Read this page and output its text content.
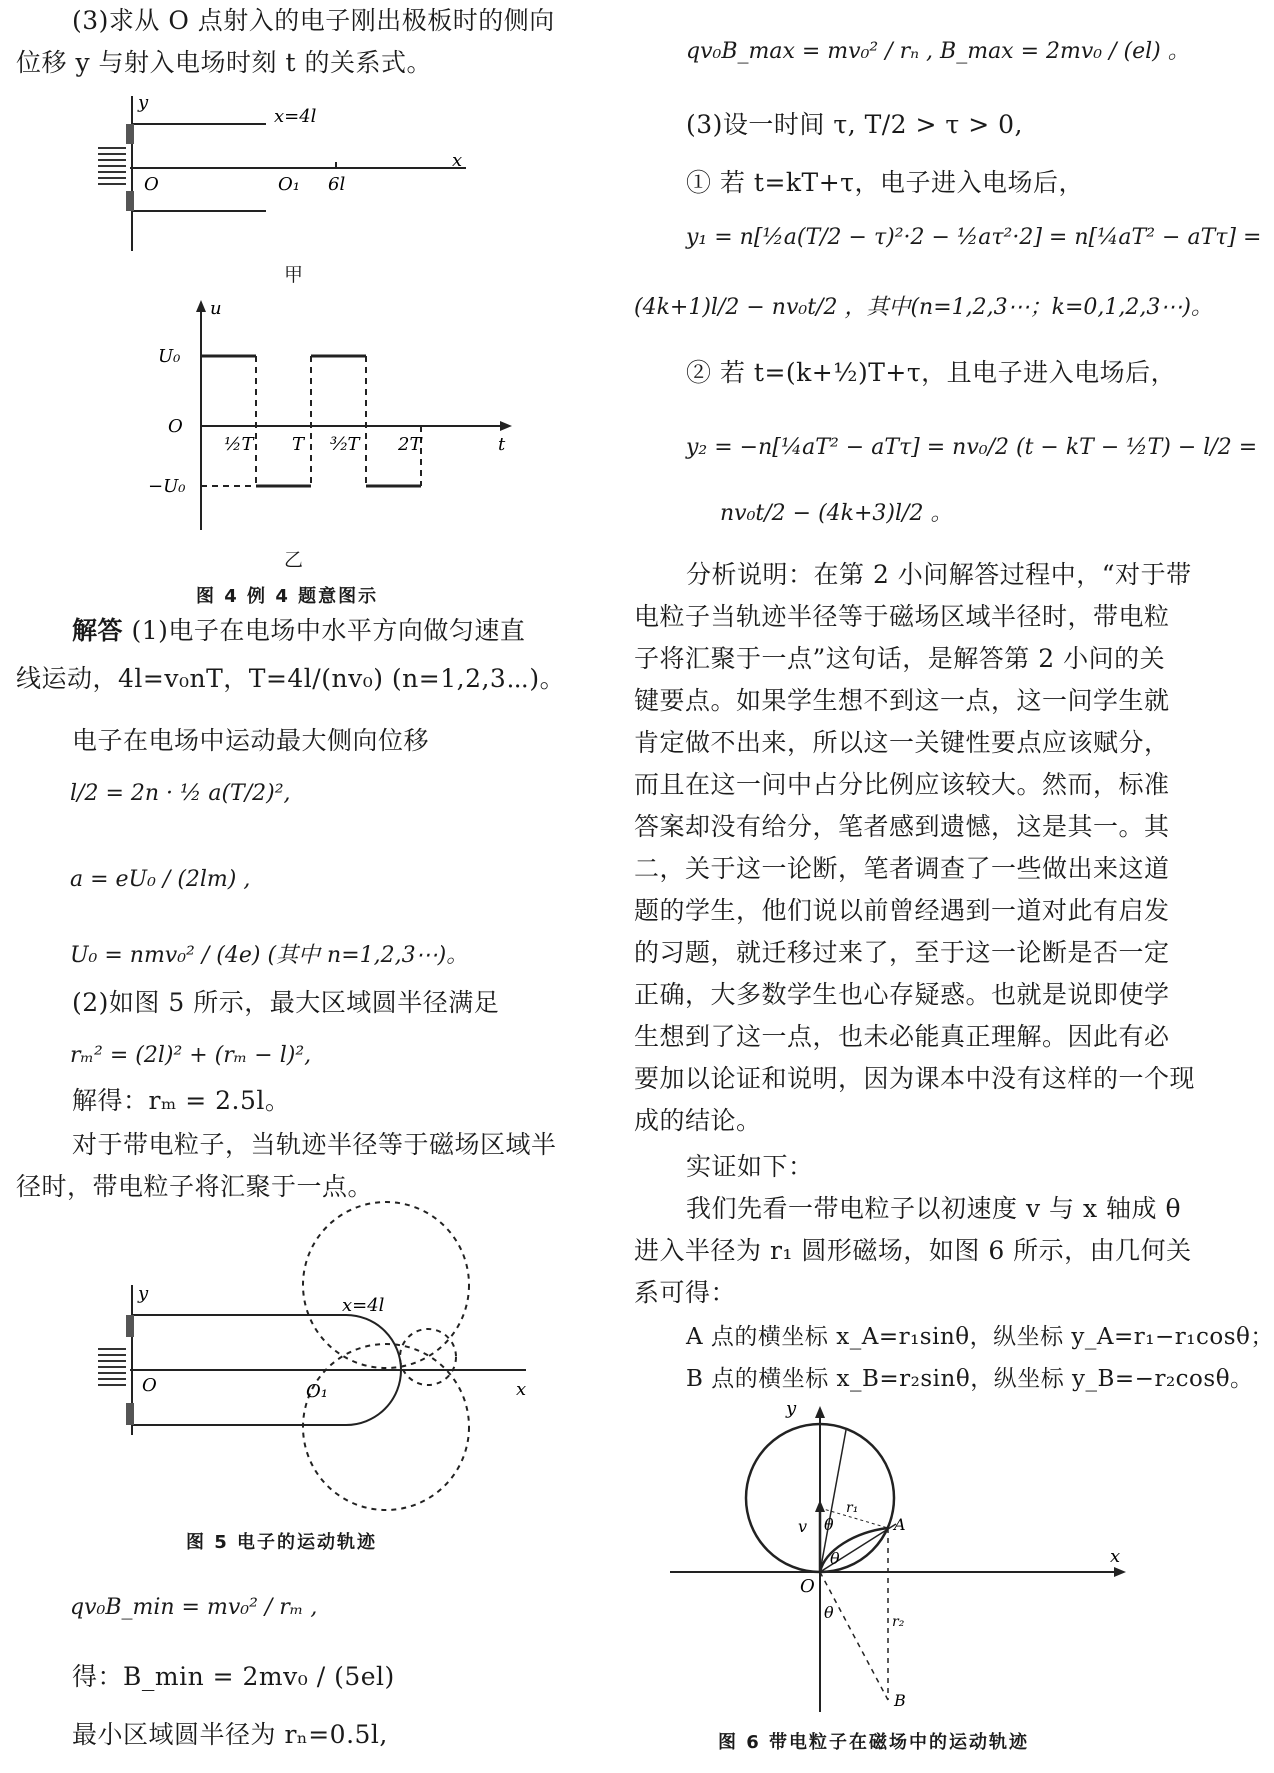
(3)求从 O 点射入的电子刚出极板时的侧向
位移 y 与射入电场时刻 t 的关系式。
y
x=4l
x
O	O₁ 6l
甲
u
U₀
O
−U₀
t
½T T ³⁄₂T 2T
乙
图 4 例 4 题意图示
解答 (1)电子在电场中水平方向做匀速直
线运动，4l=v₀nT，T=4l/(nv₀) (n=1,2,3⋯)。
电子在电场中运动最大侧向位移
l/2 = 2n · ½ a(T/2)²,
a = eU₀ / (2lm) ,
U₀ = nmv₀² / (4e) (其中 n=1,2,3⋯)。
(2)如图 5 所示，最大区域圆半径满足
rₘ² = (2l)² + (rₘ − l)²,
解得：rₘ = 2.5l。
对于带电粒子，当轨迹半径等于磁场区域半
径时，带电粒子将汇聚于一点。
y
x=4l
x
O	O₁
图 5 电子的运动轨迹
qv₀B_min = mv₀² / rₘ ,
得：B_min = 2mv₀ / (5el)
最小区域圆半径为 rₙ=0.5l,
qv₀B_max = mv₀² / rₙ , B_max = 2mv₀ / (el) 。
(3)设一时间 τ, T/2 > τ > 0,
① 若 t=kT+τ，电子进入电场后，
y₁ = n[½a(T/2 − τ)²·2 − ½aτ²·2] = n[¼aT² − aTτ] =
(4k+1)l/2 − nv₀t/2 ，其中(n=1,2,3⋯；k=0,1,2,3⋯)。
② 若 t=(k+½)T+τ，且电子进入电场后，
y₂ = −n[¼aT² − aTτ] = nv₀/2 (t − kT − ½T) − l/2 =
nv₀t/2 − (4k+3)l/2 。
分析说明：在第 2 小问解答过程中，“对于带
电粒子当轨迹半径等于磁场区域半径时，带电粒
子将汇聚于一点”这句话，是解答第 2 小问的关
键要点。如果学生想不到这一点，这一问学生就
肯定做不出来，所以这一关键性要点应该赋分，
而且在这一问中占分比例应该较大。然而，标准
答案却没有给分，笔者感到遗憾，这是其一。其
二，关于这一论断，笔者调查了一些做出来这道
题的学生，他们说以前曾经遇到一道对此有启发
的习题，就迁移过来了，至于这一论断是否一定
正确，大多数学生也心存疑惑。也就是说即使学
生想到了这一点，也未必能真正理解。因此有必
要加以论证和说明，因为课本中没有这样的一个现
成的结论。
实证如下：
我们先看一带电粒子以初速度 v 与 x 轴成 θ
进入半径为 r₁ 圆形磁场，如图 6 所示，由几何关
系可得：
A 点的横坐标 x_A=r₁sinθ，纵坐标 y_A=r₁−r₁cosθ；
B 点的横坐标 x_B=r₂sinθ，纵坐标 y_B=−r₂cosθ。
y
x
O
v θ
θ
θ
r₁
r₂
A
B
图 6 带电粒子在磁场中的运动轨迹
